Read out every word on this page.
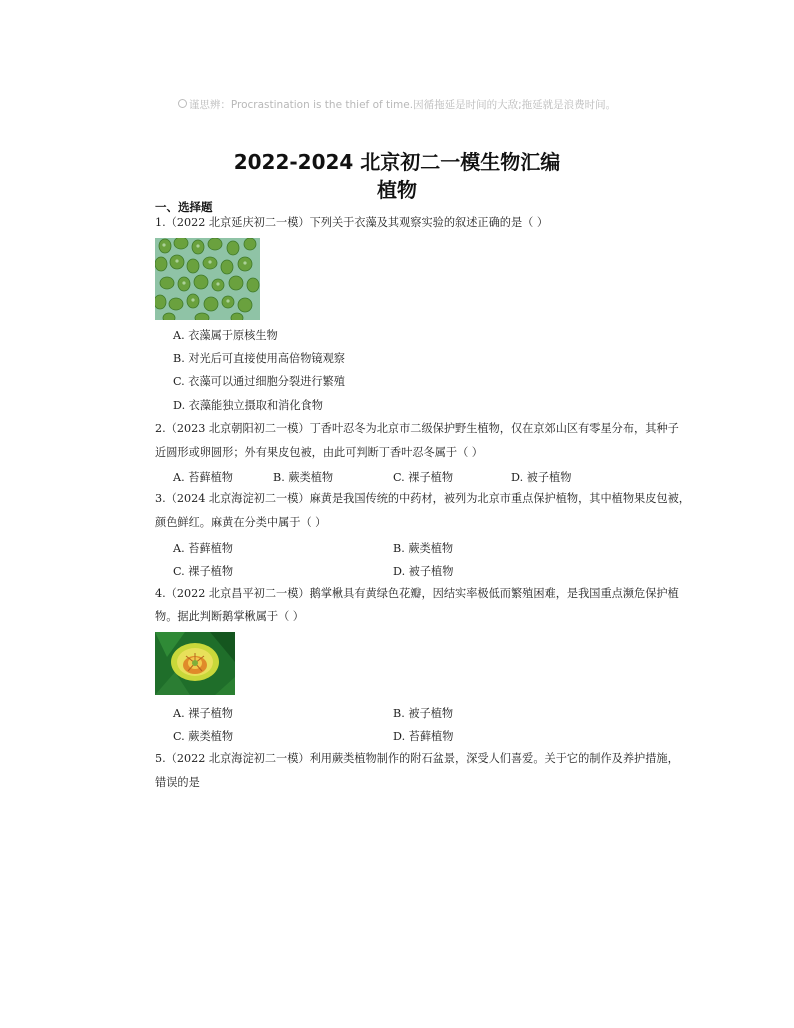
谨思辨：Procrastination is the thief of time.因循拖延是时间的大敌;拖延就是浪费时间。
2022-2024 北京初二一模生物汇编
植物
一、选择题
1.（2022 北京延庆初二一模）下列关于衣藻及其观察实验的叙述正确的是（ ）
A. 衣藻属于原核生物
B. 对光后可直接使用高倍物镜观察
C. 衣藻可以通过细胞分裂进行繁殖
D. 衣藻能独立摄取和消化食物
2.（2023 北京朝阳初二一模）丁香叶忍冬为北京市二级保护野生植物，仅在京郊山区有零星分布，其种子
近圆形或卵圆形；外有果皮包被，由此可判断丁香叶忍冬属于（ ）
A. 苔藓植物	B. 蕨类植物	C. 裸子植物	D. 被子植物
3.（2024 北京海淀初二一模）麻黄是我国传统的中药材，被列为北京市重点保护植物，其中植物果皮包被，
颜色鲜红。麻黄在分类中属于（ ）
A. 苔藓植物	B. 蕨类植物
C. 裸子植物	D. 被子植物
4.（2022 北京昌平初二一模）鹅掌楸具有黄绿色花瓣，因结实率极低而繁殖困难，是我国重点濒危保护植
物。据此判断鹅掌楸属于（ ）
A. 裸子植物	B. 被子植物
C. 蕨类植物	D. 苔藓植物
5.（2022 北京海淀初二一模）利用蕨类植物制作的附石盆景，深受人们喜爱。关于它的制作及养护措施，
错误的是
